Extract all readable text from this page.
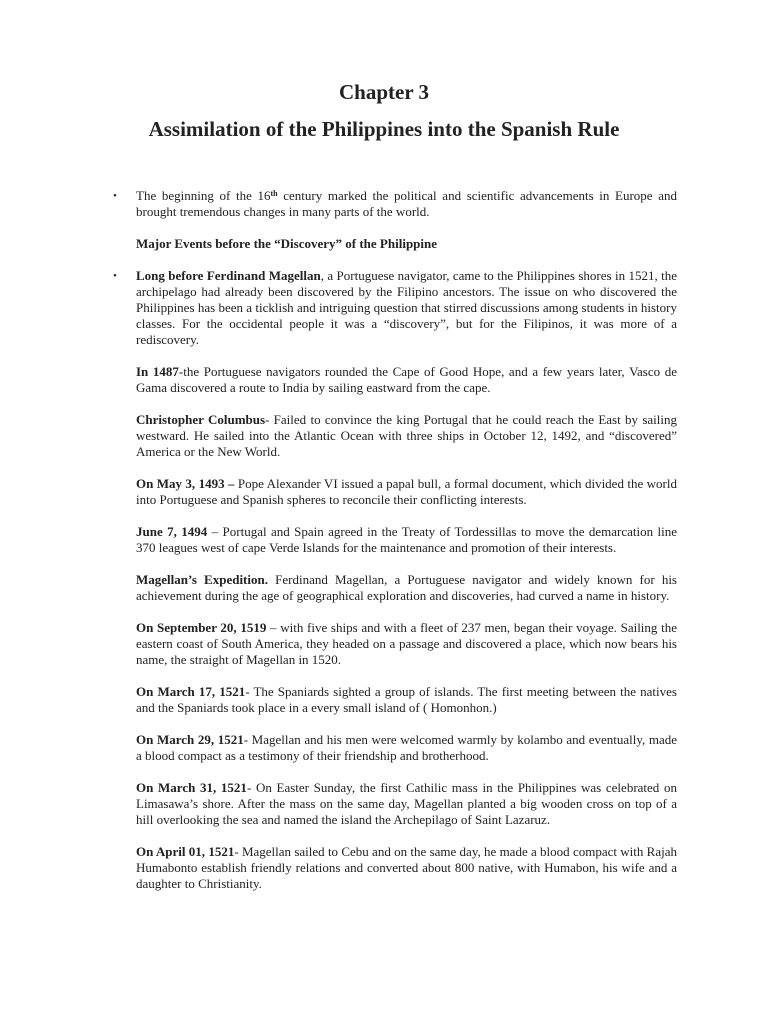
Chapter 3
Assimilation of the Philippines into the Spanish Rule
• The beginning of the 16th century marked the political and scientific advancements in Europe and brought tremendous changes in many parts of the world.
Major Events before the “Discovery” of the Philippine
• Long before Ferdinand Magellan, a Portuguese navigator, came to the Philippines shores in 1521, the archipelago had already been discovered by the Filipino ancestors. The issue on who discovered the Philippines has been a ticklish and intriguing question that stirred discussions among students in history classes. For the occidental people it was a “discovery”, but for the Filipinos, it was more of a rediscovery.
In 1487-the Portuguese navigators rounded the Cape of Good Hope, and a few years later, Vasco de Gama discovered a route to India by sailing eastward from the cape.
Christopher Columbus- Failed to convince the king Portugal that he could reach the East by sailing westward. He sailed into the Atlantic Ocean with three ships in October 12, 1492, and “discovered” America or the New World.
On May 3, 1493 – Pope Alexander VI issued a papal bull, a formal document, which divided the world into Portuguese and Spanish spheres to reconcile their conflicting interests.
June 7, 1494 – Portugal and Spain agreed in the Treaty of Tordessillas to move the demarcation line 370 leagues west of cape Verde Islands for the maintenance and promotion of their interests.
Magellan’s Expedition. Ferdinand Magellan, a Portuguese navigator and widely known for his achievement during the age of geographical exploration and discoveries, had curved a name in history.
On September 20, 1519 – with five ships and with a fleet of 237 men, began their voyage. Sailing the eastern coast of South America, they headed on a passage and discovered a place, which now bears his name, the straight of Magellan in 1520.
On March 17, 1521- The Spaniards sighted a group of islands. The first meeting between the natives and the Spaniards took place in a every small island of ( Homonhon.)
On March 29, 1521- Magellan and his men were welcomed warmly by kolambo and eventually, made a blood compact as a testimony of their friendship and brotherhood.
On March 31, 1521- On Easter Sunday, the first Cathilic mass in the Philippines was celebrated on Limasawa’s shore. After the mass on the same day, Magellan planted a big wooden cross on top of a hill overlooking the sea and named the island the Archepilago of Saint Lazaruz.
On April 01, 1521- Magellan sailed to Cebu and on the same day, he made a blood compact with Rajah Humabonto establish friendly relations and converted about 800 native, with Humabon, his wife and a daughter to Christianity.
